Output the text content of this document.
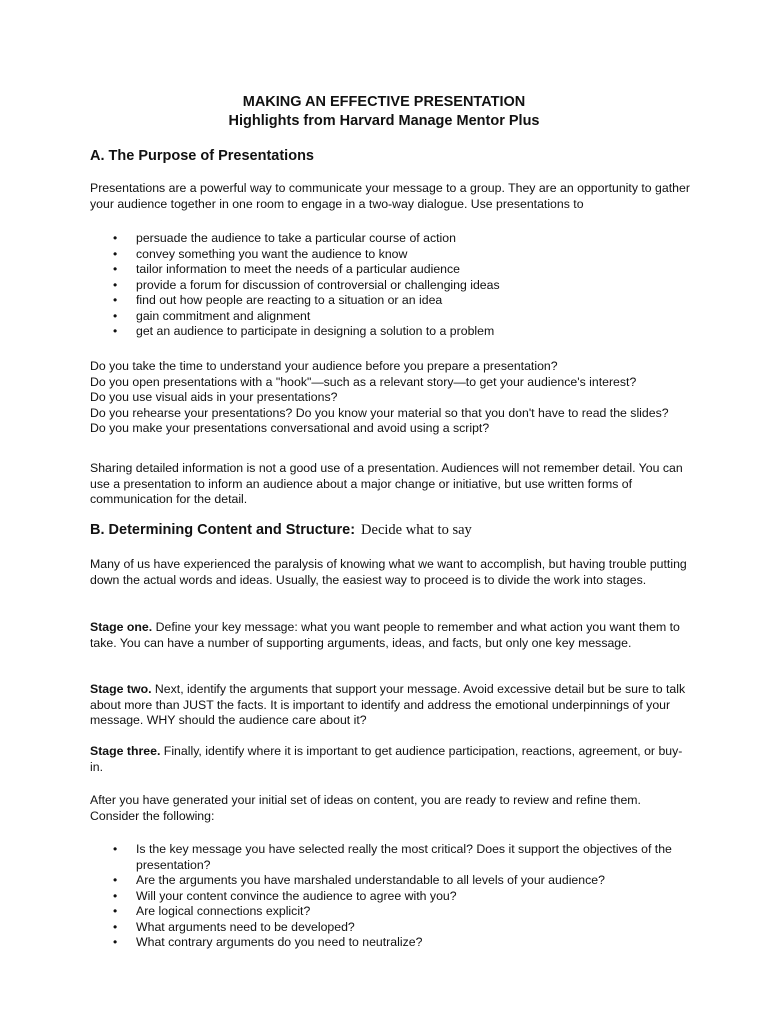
MAKING AN EFFECTIVE PRESENTATION
Highlights from Harvard Manage Mentor Plus
A. The Purpose of Presentations
Presentations are a powerful way to communicate your message to a group. They are an opportunity to gather your audience together in one room to engage in a two-way dialogue. Use presentations to
• persuade the audience to take a particular course of action
• convey something you want the audience to know
• tailor information to meet the needs of a particular audience
• provide a forum for discussion of controversial or challenging ideas
• find out how people are reacting to a situation or an idea
• gain commitment and alignment
• get an audience to participate in designing a solution to a problem
Do you take the time to understand your audience before you prepare a presentation?
Do you open presentations with a "hook"—such as a relevant story—to get your audience's interest?
Do you use visual aids in your presentations?
Do you rehearse your presentations? Do you know your material so that you don't have to read the slides?
Do you make your presentations conversational and avoid using a script?
Sharing detailed information is not a good use of a presentation. Audiences will not remember detail. You can use a presentation to inform an audience about a major change or initiative, but use written forms of communication for the detail.
B. Determining Content and Structure: Decide what to say
Many of us have experienced the paralysis of knowing what we want to accomplish, but having trouble putting down the actual words and ideas. Usually, the easiest way to proceed is to divide the work into stages.
Stage one. Define your key message: what you want people to remember and what action you want them to take. You can have a number of supporting arguments, ideas, and facts, but only one key message.
Stage two. Next, identify the arguments that support your message. Avoid excessive detail but be sure to talk about more than JUST the facts. It is important to identify and address the emotional underpinnings of your message. WHY should the audience care about it?
Stage three. Finally, identify where it is important to get audience participation, reactions, agreement, or buy-in.
After you have generated your initial set of ideas on content, you are ready to review and refine them. Consider the following:
• Is the key message you have selected really the most critical? Does it support the objectives of the presentation?
• Are the arguments you have marshaled understandable to all levels of your audience?
• Will your content convince the audience to agree with you?
• Are logical connections explicit?
• What arguments need to be developed?
• What contrary arguments do you need to neutralize?
